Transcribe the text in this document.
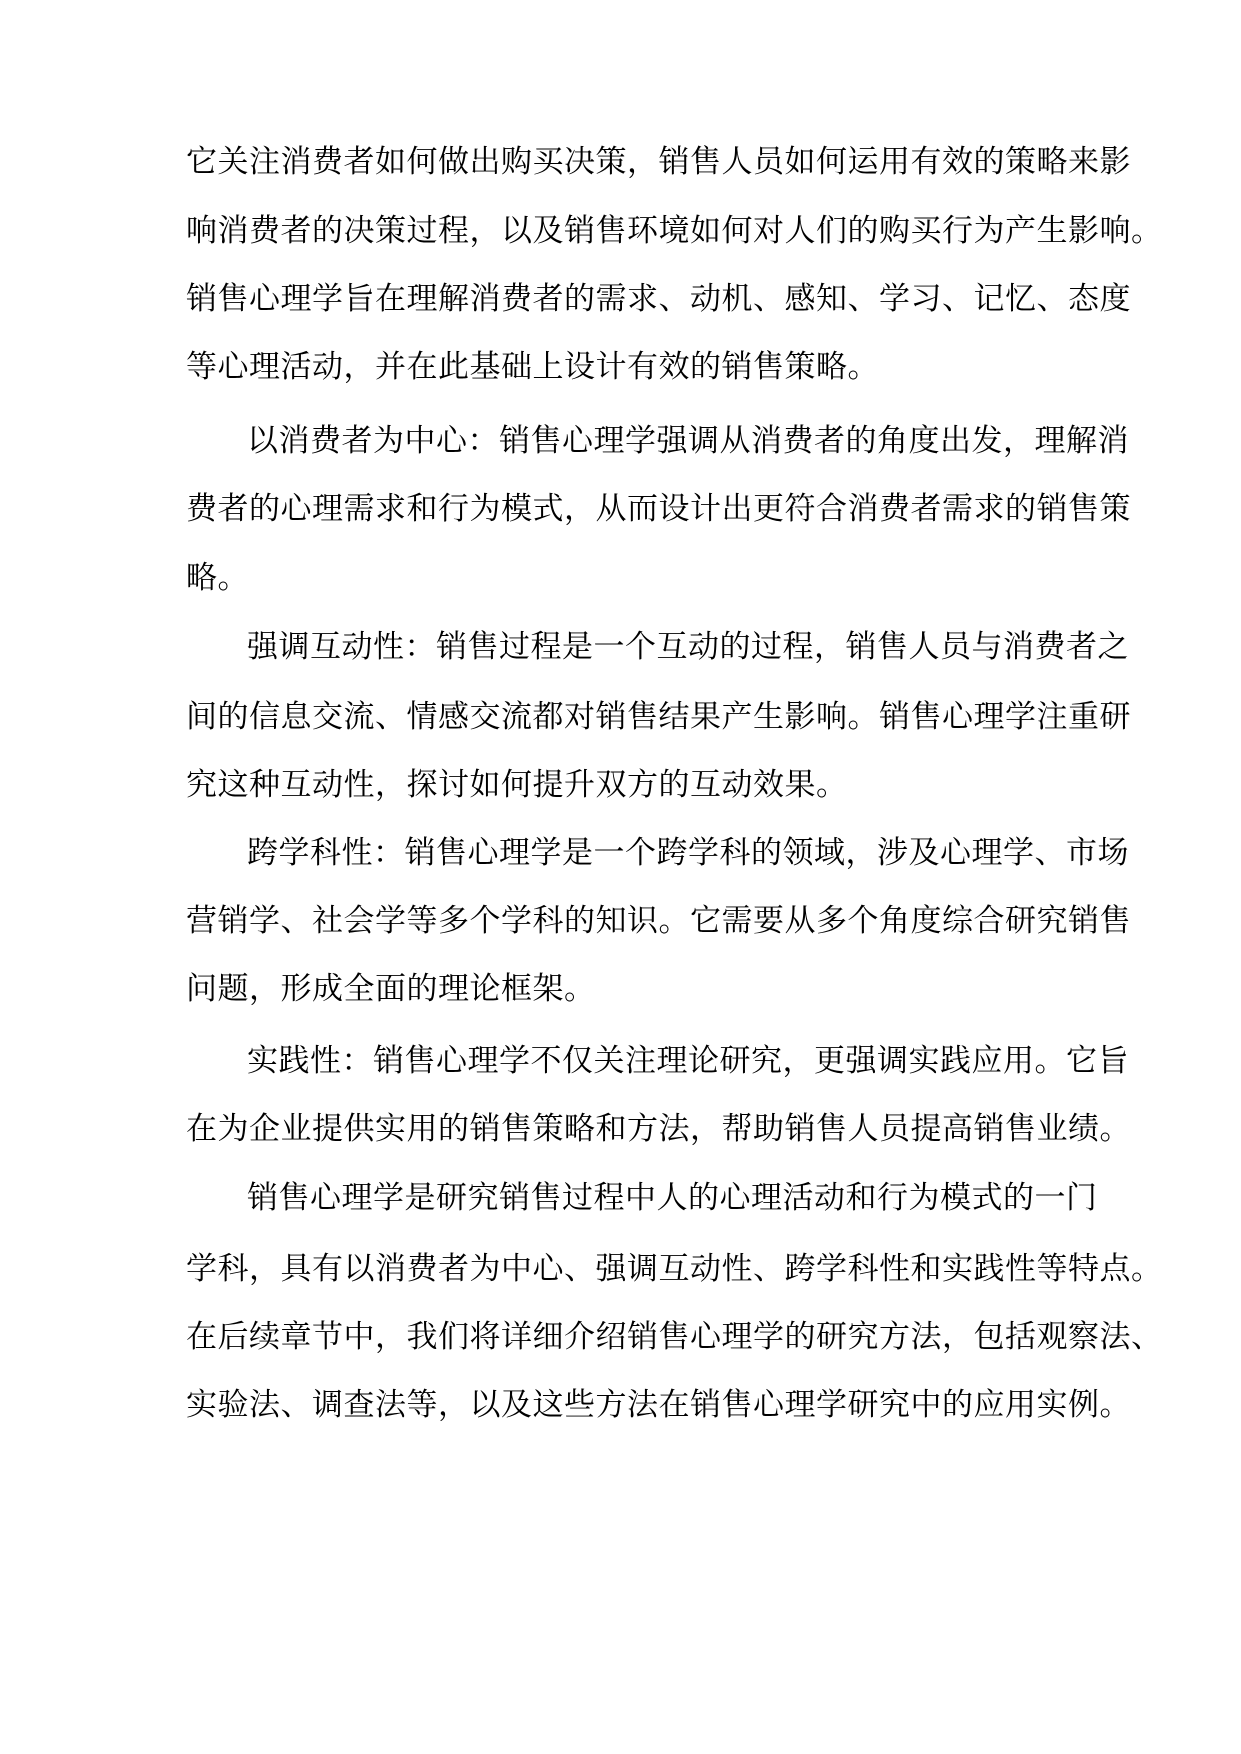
它关注消费者如何做出购买决策，销售人员如何运用有效的策略来影
响消费者的决策过程，以及销售环境如何对人们的购买行为产生影响。
销售心理学旨在理解消费者的需求、动机、感知、学习、记忆、态度
等心理活动，并在此基础上设计有效的销售策略。
以消费者为中心：销售心理学强调从消费者的角度出发，理解消
费者的心理需求和行为模式，从而设计出更符合消费者需求的销售策
略。
强调互动性：销售过程是一个互动的过程，销售人员与消费者之
间的信息交流、情感交流都对销售结果产生影响。销售心理学注重研
究这种互动性，探讨如何提升双方的互动效果。
跨学科性：销售心理学是一个跨学科的领域，涉及心理学、市场
营销学、社会学等多个学科的知识。它需要从多个角度综合研究销售
问题，形成全面的理论框架。
实践性：销售心理学不仅关注理论研究，更强调实践应用。它旨
在为企业提供实用的销售策略和方法，帮助销售人员提高销售业绩。
销售心理学是研究销售过程中人的心理活动和行为模式的一门
学科，具有以消费者为中心、强调互动性、跨学科性和实践性等特点。
在后续章节中，我们将详细介绍销售心理学的研究方法，包括观察法、
实验法、调查法等，以及这些方法在销售心理学研究中的应用实例。
